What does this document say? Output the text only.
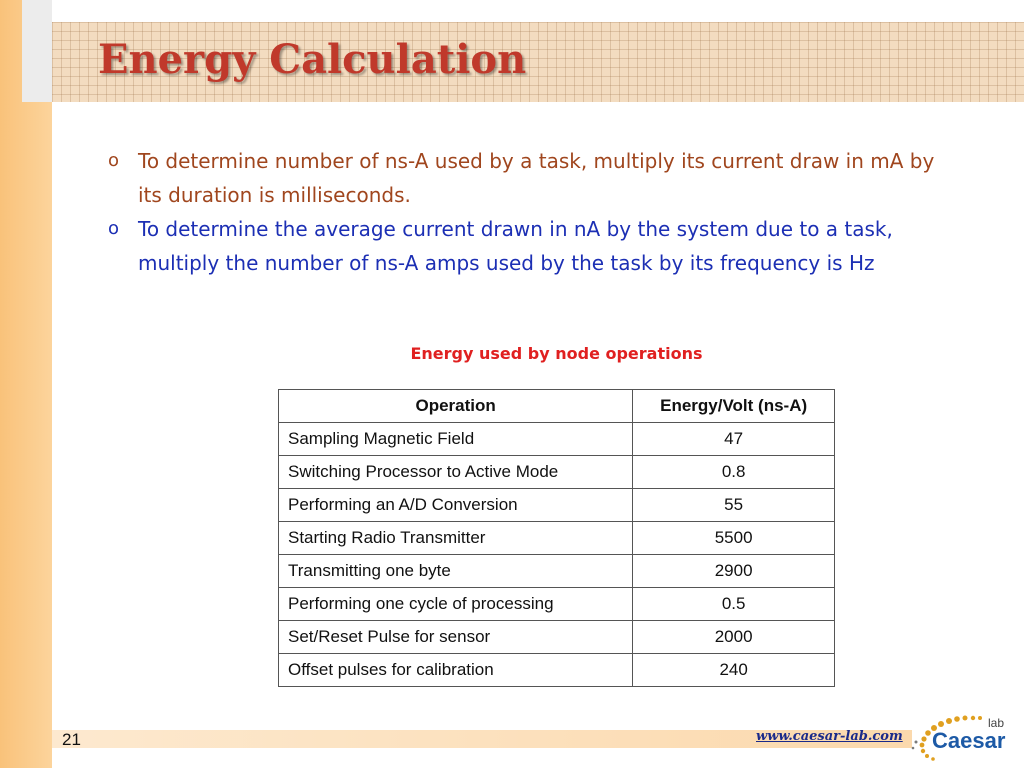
Energy Calculation
o To determine number of ns-A used by a task, multiply its current draw in mA by its duration is milliseconds.
o To determine the average current drawn in nA by the system due to a task, multiply the number of ns-A amps used by the task by its frequency is Hz
Energy used by node operations
Operation	Energy/Volt (ns-A)
Sampling Magnetic Field	47
Switching Processor to Active Mode	0.8
Performing an A/D Conversion	55
Starting Radio Transmitter	5500
Transmitting one byte	2900
Performing one cycle of processing	0.5
Set/Reset Pulse for sensor	2000
Offset pulses for calibration	240
21	www.caesar-lab.com
lab
Caesar
